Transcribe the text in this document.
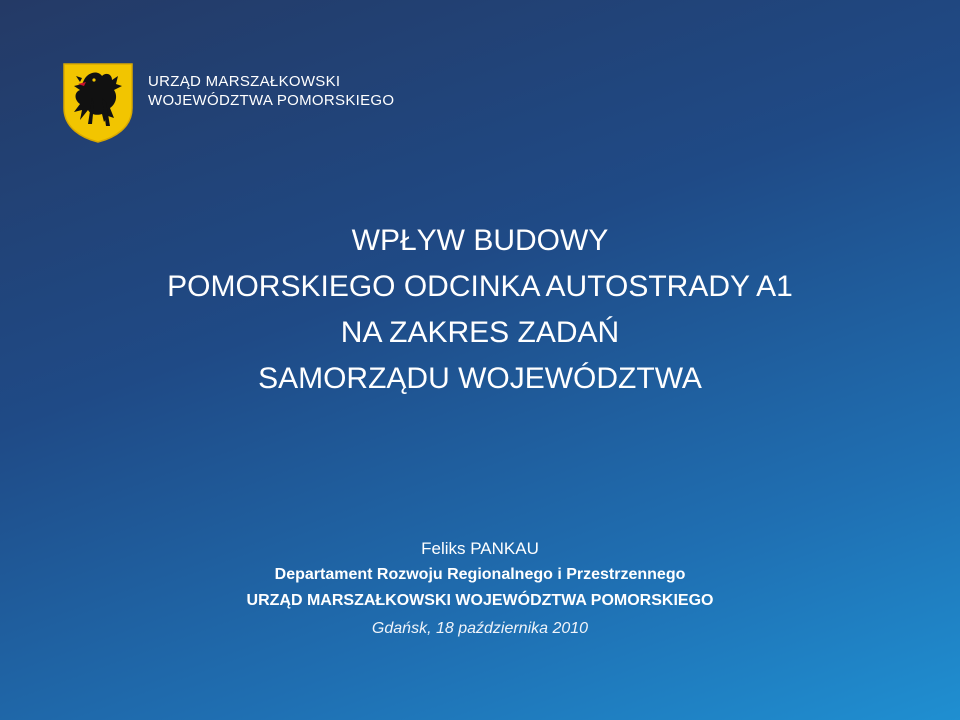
URZĄD MARSZAŁKOWSKI
WOJEWÓDZTWA POMORSKIEGO
WPŁYW BUDOWY
POMORSKIEGO ODCINKA AUTOSTRADY A1
NA ZAKRES ZADAŃ
SAMORZĄDU WOJEWÓDZTWA
Feliks PANKAU
Departament Rozwoju Regionalnego i Przestrzennego
URZĄD MARSZAŁKOWSKI WOJEWÓDZTWA POMORSKIEGO
Gdańsk, 18 października 2010
